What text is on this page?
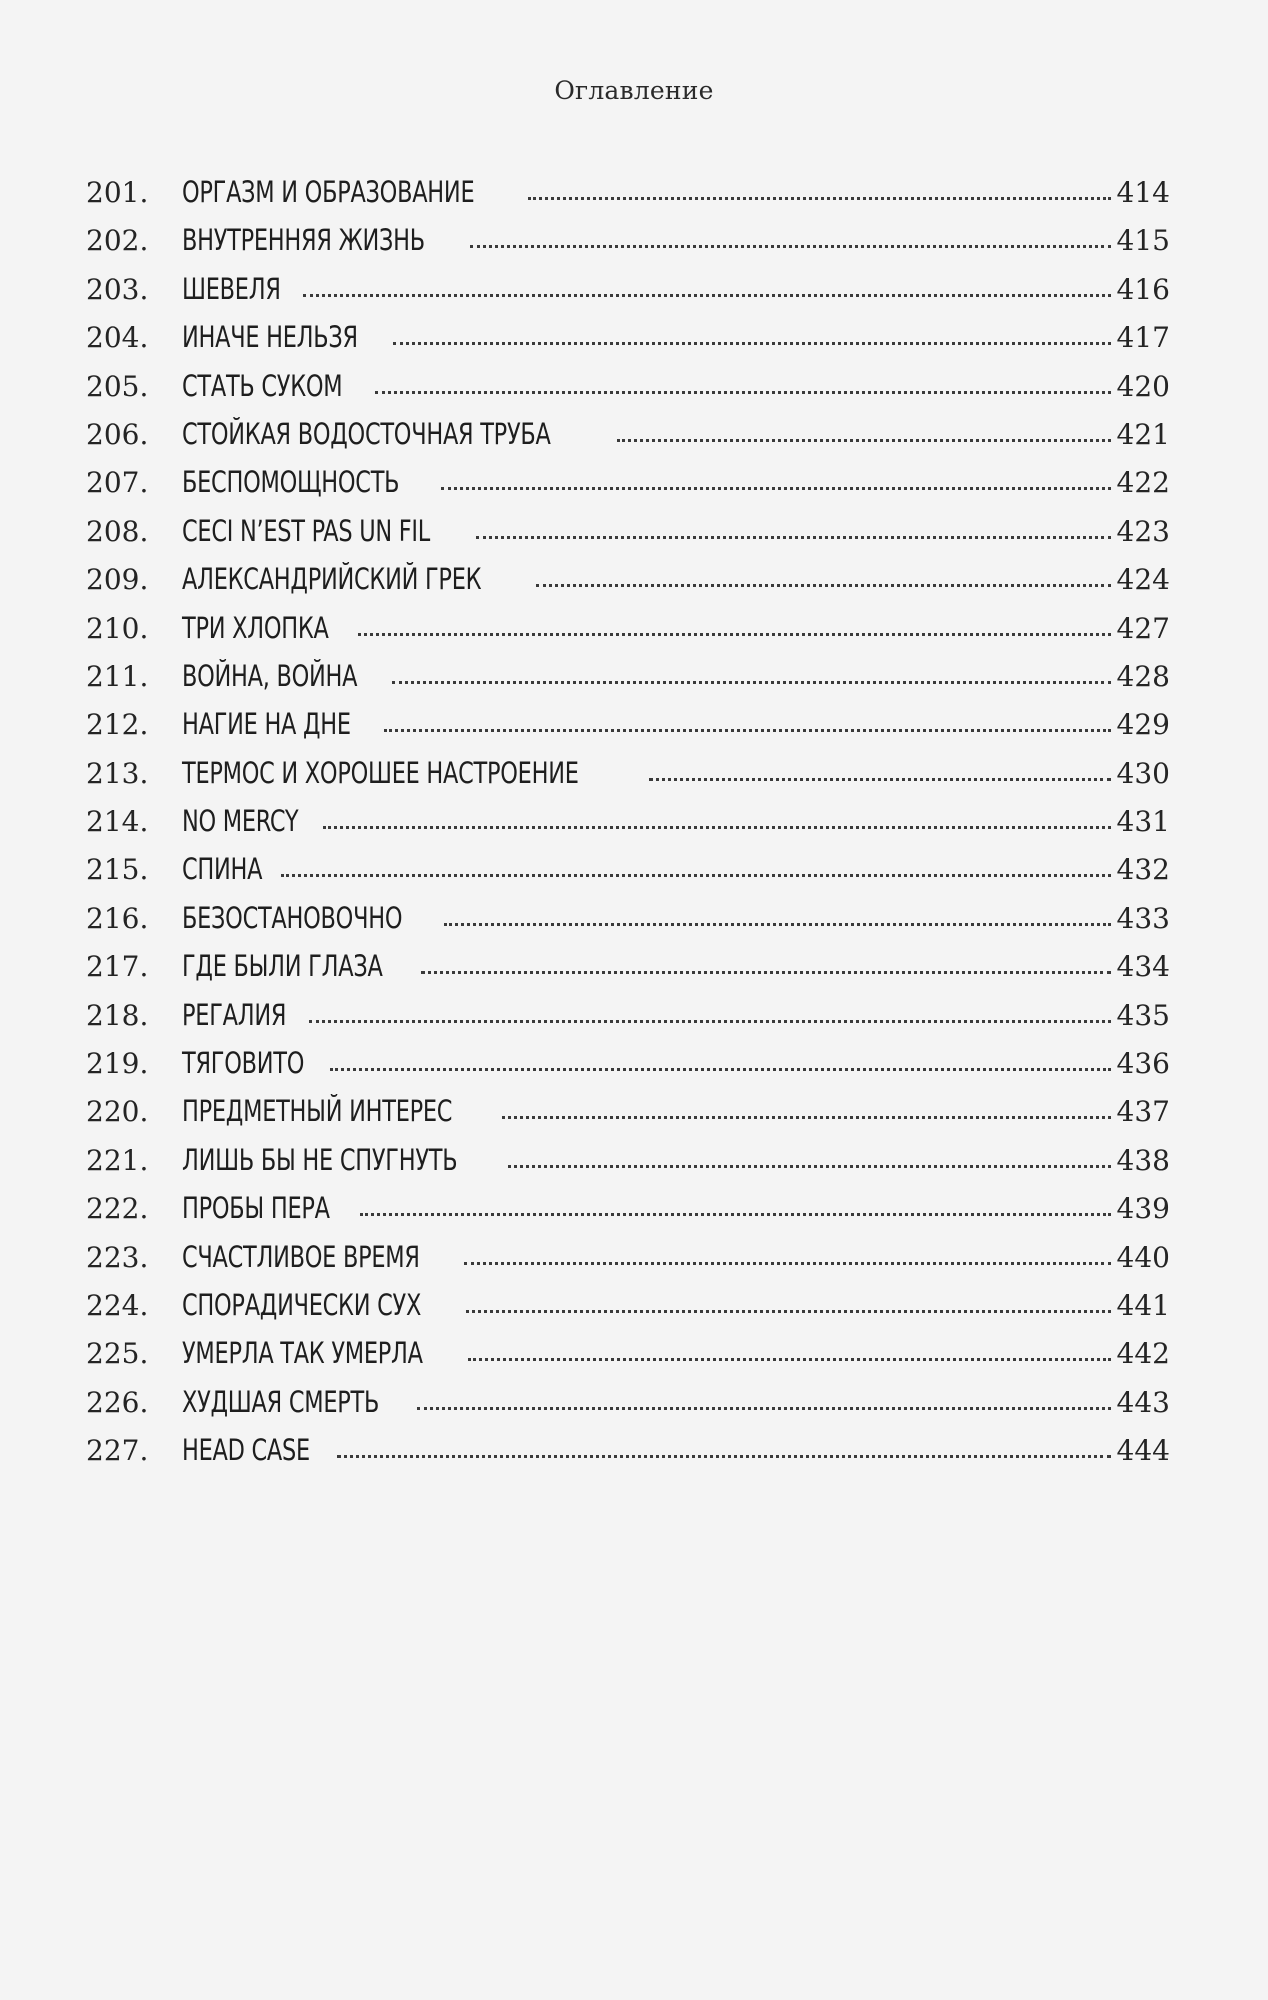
Оглавление
201.	ОРГАЗМ И ОБРАЗОВАНИЕ	414
202.	ВНУТРЕННЯЯ ЖИЗНЬ	415
203.	ШЕВЕЛЯ	416
204.	ИНАЧЕ НЕЛЬЗЯ	417
205.	СТАТЬ СУКОМ	420
206.	СТОЙКАЯ ВОДОСТОЧНАЯ ТРУБА	421
207.	БЕСПОМОЩНОСТЬ	422
208.	CECI N’EST PAS UN FIL	423
209.	АЛЕКСАНДРИЙСКИЙ ГРЕК	424
210.	ТРИ ХЛОПКА	427
211.	ВОЙНА, ВОЙНА	428
212.	НАГИЕ НА ДНЕ	429
213.	ТЕРМОС И ХОРОШЕЕ НАСТРОЕНИЕ	430
214.	NO MERCY	431
215.	СПИНА	432
216.	БЕЗОСТАНОВОЧНО	433
217.	ГДЕ БЫЛИ ГЛАЗА	434
218.	РЕГАЛИЯ	435
219.	ТЯГОВИТО	436
220.	ПРЕДМЕТНЫЙ ИНТЕРЕС	437
221.	ЛИШЬ БЫ НЕ СПУГНУТЬ	438
222.	ПРОБЫ ПЕРА	439
223.	СЧАСТЛИВОЕ ВРЕМЯ	440
224.	СПОРАДИЧЕСКИ СУХ	441
225.	УМЕРЛА ТАК УМЕРЛА	442
226.	ХУДШАЯ СМЕРТЬ	443
227.	HEAD CASE	444
